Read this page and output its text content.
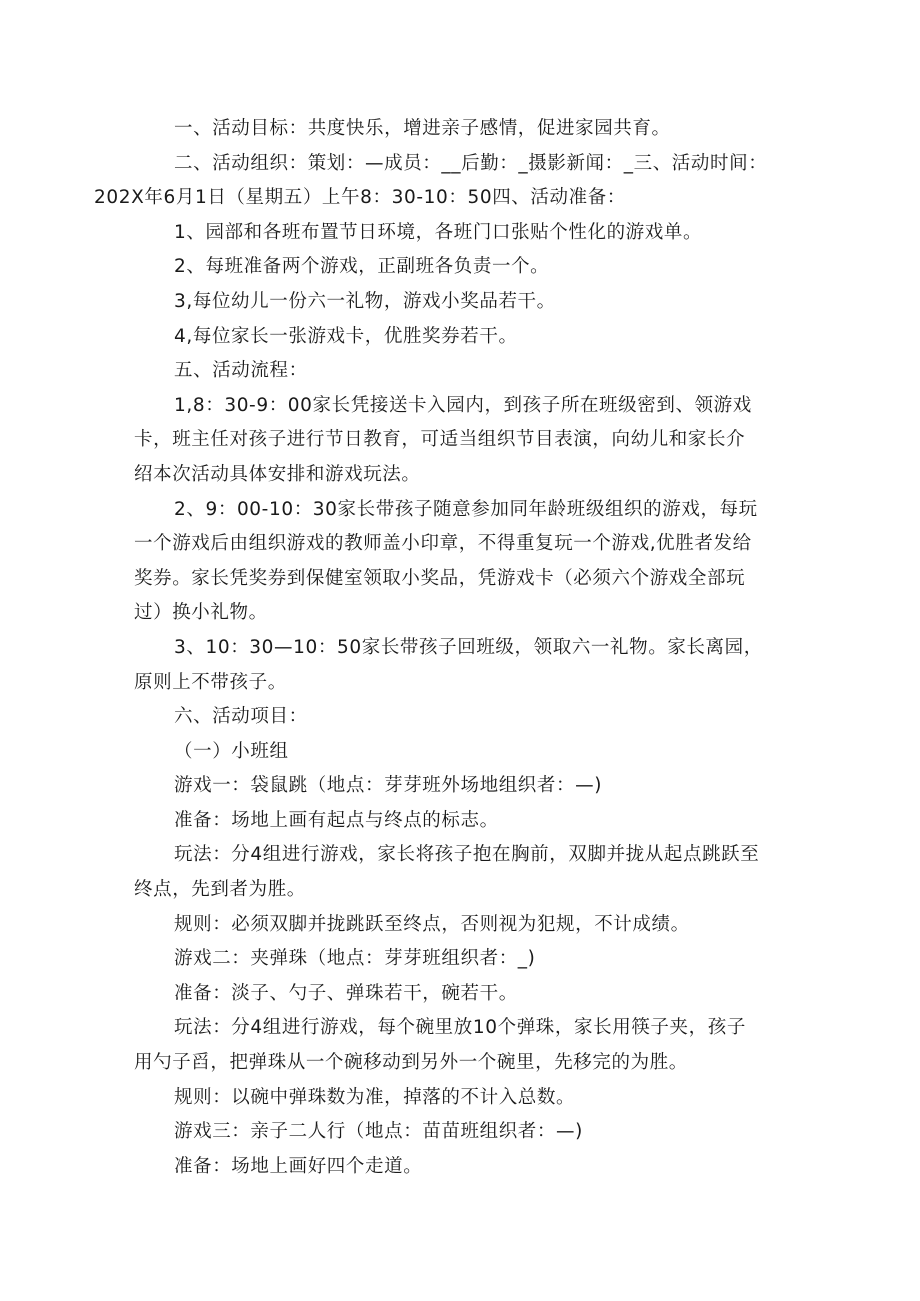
一、活动目标：共度快乐，增进亲子感情，促进家园共育。

二、活动组织：策划：—成员：__后勤：_摄影新闻：_三、活动时间：
202X年6月1日（星期五）上午8：30-10：50四、活动准备：

1、园部和各班布置节日环境，各班门口张贴个性化的游戏单。

2、每班准备两个游戏，正副班各负责一个。

3,每位幼儿一份六一礼物，游戏小奖品若干。

4,每位家长一张游戏卡，优胜奖券若干。

五、活动流程：

1,8：30-9：00家长凭接送卡入园内，到孩子所在班级密到、领游戏
卡，班主任对孩子进行节日教育，可适当组织节目表演，向幼儿和家长介
绍本次活动具体安排和游戏玩法。

2、9：00-10：30家长带孩子随意参加同年龄班级组织的游戏，每玩
一个游戏后由组织游戏的教师盖小印章，不得重复玩一个游戏,优胜者发给
奖券。家长凭奖券到保健室领取小奖品，凭游戏卡（必须六个游戏全部玩
过）换小礼物。

3、10：30—10：50家长带孩子回班级，领取六一礼物。家长离园，
原则上不带孩子。

六、活动项目：

（一）小班组

游戏一：袋鼠跳（地点：芽芽班外场地组织者：—)

准备：场地上画有起点与终点的标志。

玩法：分4组进行游戏，家长将孩子抱在胸前，双脚并拢从起点跳跃至
终点，先到者为胜。

规则：必须双脚并拢跳跃至终点，否则视为犯规，不计成绩。

游戏二：夹弹珠（地点：芽芽班组织者：_)

准备：淡子、勺子、弹珠若干，碗若干。

玩法：分4组进行游戏，每个碗里放10个弹珠，家长用筷子夹，孩子
用勺子舀，把弹珠从一个碗移动到另外一个碗里，先移完的为胜。

规则：以碗中弹珠数为准，掉落的不计入总数。

游戏三：亲子二人行（地点：苗苗班组织者：—)

准备：场地上画好四个走道。
